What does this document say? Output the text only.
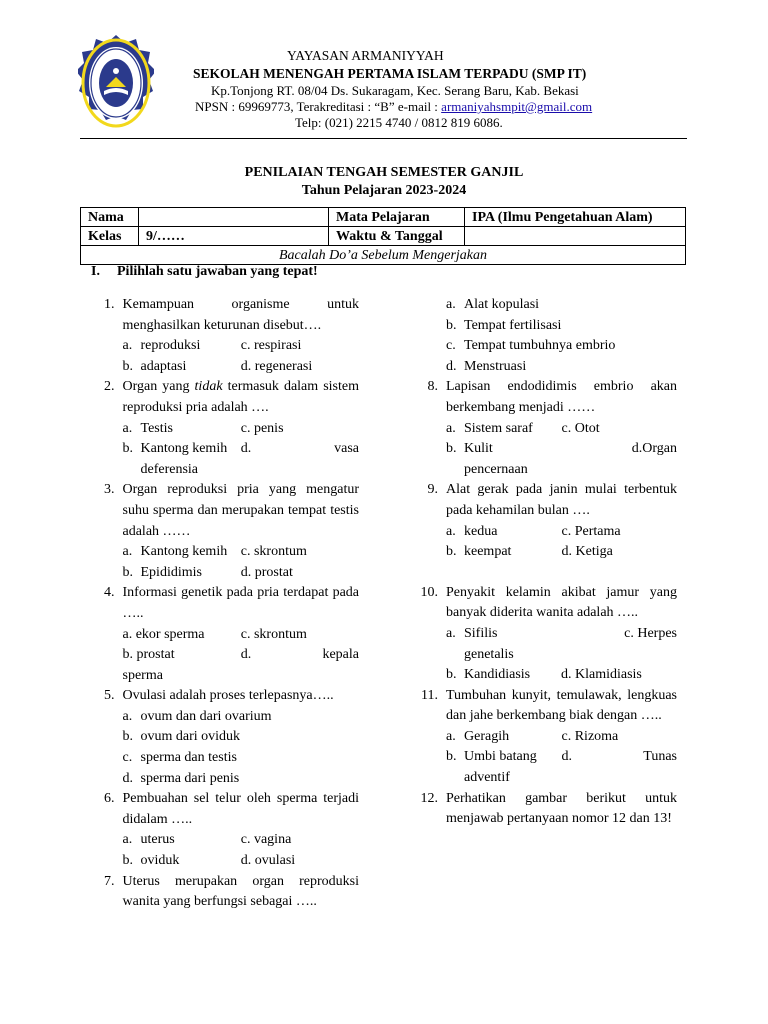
YAYASAN ARMANIYYAH
SEKOLAH MENENGAH PERTAMA ISLAM TERPADU (SMP IT)
Kp.Tonjong RT. 08/04 Ds. Sukaragam, Kec. Serang Baru, Kab. Bekasi
NPSN : 69969773, Terakreditasi : “B” e-mail : armaniyahsmpit@gmail.com
Telp: (021) 2215 4740 / 0812 819 6086.
PENILAIAN TENGAH SEMESTER GANJIL
Tahun Pelajaran 2023-2024
Nama		Mata Pelajaran	IPA (Ilmu Pengetahuan Alam)
Kelas	9/……	Waktu & Tanggal	
Bacalah Do’a Sebelum Mengerjakan			
I. Pilihlah satu jawaban yang tepat!
1. Kemampuan organisme untuk menghasilkan keturunan disebut….
a. reproduksi	c. respirasi
b. adaptasi	d. regenerasi
2. Organ yang tidak termasuk dalam sistem reproduksi pria adalah ….
a. Testis	c. penis
b. Kantong kemih d.	vasa
deferensia
3. Organ reproduksi pria yang mengatur suhu sperma dan merupakan tempat testis adalah ……
a. Kantong kemih c. skrontum
b. Epididimis	d. prostat
4. Informasi genetik pada pria terdapat pada …..
a. ekor sperma	c. skrontum
b. prostat	d.	kepala
sperma
5. Ovulasi adalah proses terlepasnya…..
a. ovum dan dari ovarium
b. ovum dari oviduk
c. sperma dan testis
d. sperma dari penis
6. Pembuahan sel telur oleh sperma terjadi didalam …..
a. uterus	c. vagina
b. oviduk	d. ovulasi
7. Uterus merupakan organ reproduksi wanita yang berfungsi sebagai …..
a. Alat kopulasi
b. Tempat fertilisasi
c. Tempat tumbuhnya embrio
d. Menstruasi
8. Lapisan endodidimis embrio akan berkembang menjadi ……
a. Sistem saraf c. Otot
b. Kulit	d.Organ
pencernaan
9. Alat gerak pada janin mulai terbentuk pada kehamilan bulan ….
a. kedua	c. Pertama
b. keempat	d. Ketiga
10. Penyakit kelamin akibat jamur yang banyak diderita wanita adalah …..
a. Sifilis	c. Herpes
genetalis
b. Kandidiasis d. Klamidiasis
11. Tumbuhan kunyit, temulawak, lengkuas dan jahe berkembang biak dengan …..
a. Geragih	c. Rizoma
b. Umbi batang d.	Tunas
adventif
12. Perhatikan gambar berikut untuk menjawab pertanyaan nomor 12 dan 13!
